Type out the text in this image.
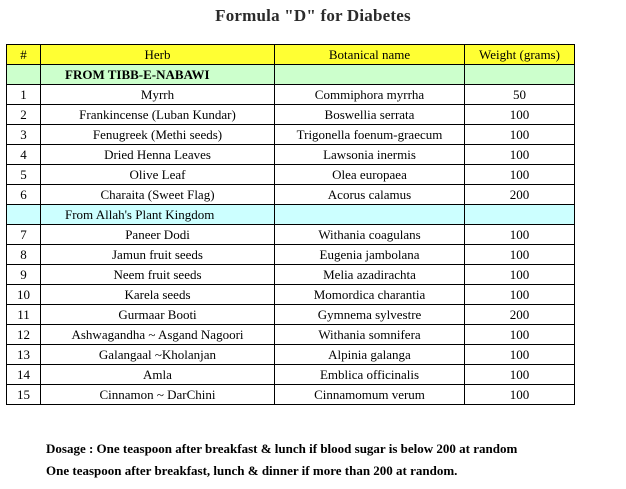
Formula "D" for Diabetes
#	Herb	Botanical name	Weight (grams)
	FROM TIBB-E-NABAWI		
1	Myrrh	Commiphora myrrha	50
2	Frankincense (Luban Kundar)	Boswellia serrata	100
3	Fenugreek (Methi seeds)	Trigonella foenum-graecum	100
4	Dried Henna Leaves	Lawsonia inermis	100
5	Olive Leaf	Olea europaea	100
6	Charaita (Sweet Flag)	Acorus calamus	200
	From Allah's Plant Kingdom		
7	Paneer Dodi	Withania coagulans	100
8	Jamun fruit seeds	Eugenia jambolana	100
9	Neem fruit seeds	Melia azadirachta	100
10	Karela seeds	Momordica charantia	100
11	Gurmaar Booti	Gymnema sylvestre	200
12	Ashwagandha ~ Asgand Nagoori	Withania somnifera	100
13	Galangaal ~Kholanjan	Alpinia galanga	100
14	Amla	Emblica officinalis	100
15	Cinnamon ~ DarChini	Cinnamomum verum	100
Dosage : One teaspoon after breakfast & lunch if blood sugar is below 200 at random
One teaspoon after breakfast, lunch & dinner if more than 200 at random.
